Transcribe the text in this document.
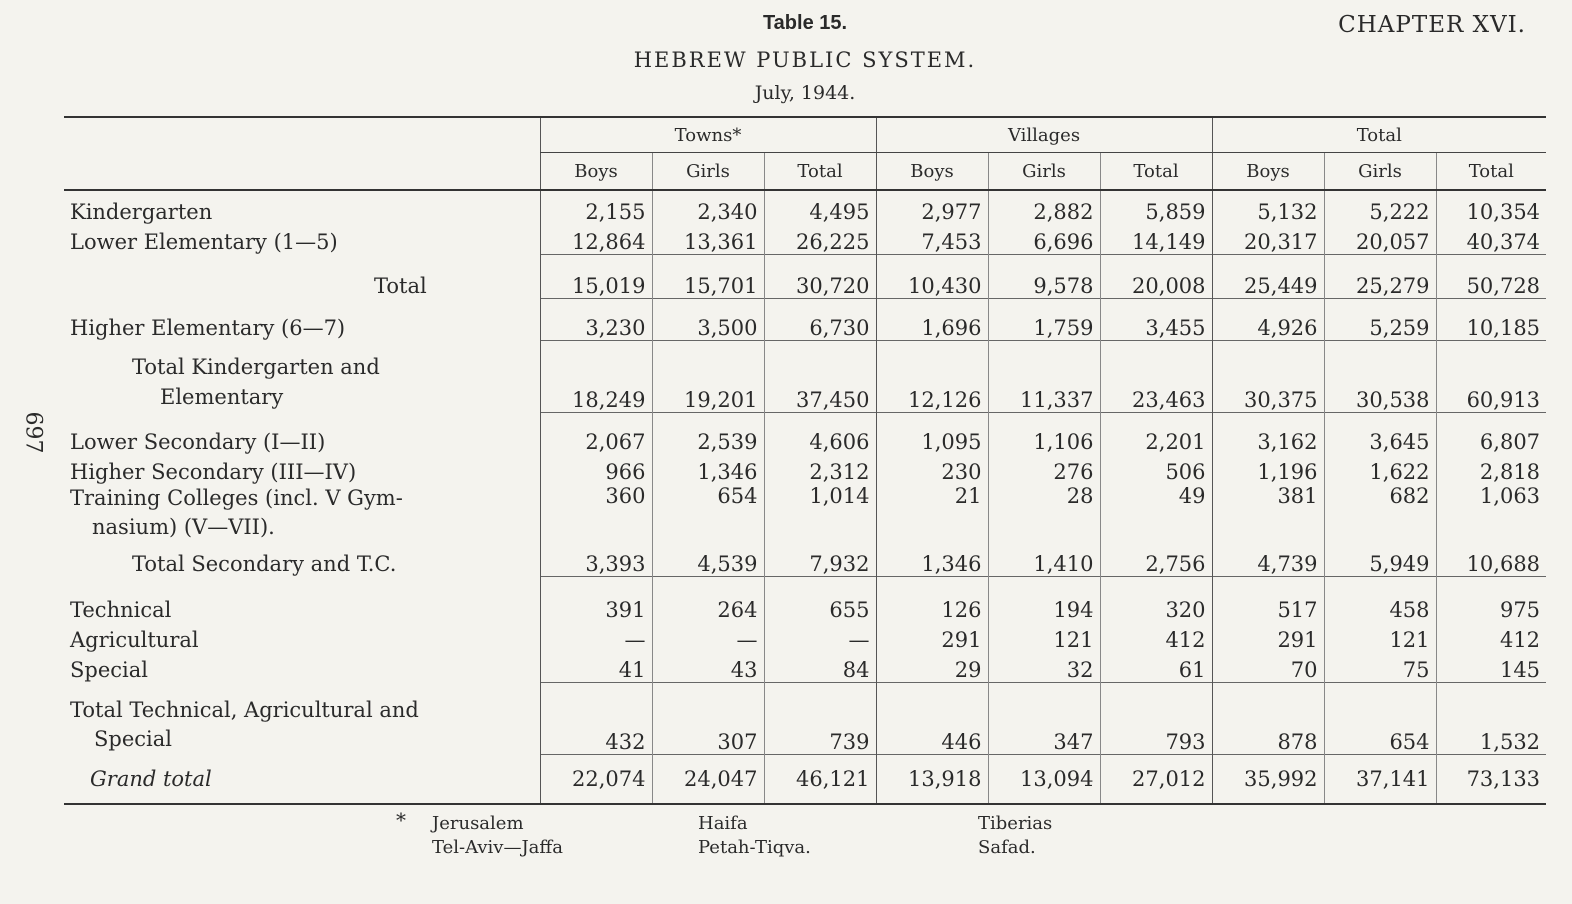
697
Table 15.	CHAPTER XVI.
HEBREW PUBLIC SYSTEM.
July, 1944.
	Towns*			Villages			Total		
	Boys	Girls	Total	Boys	Girls	Total	Boys	Girls	Total
Kindergarten	2,155	2,340	4,495	2,977	2,882	5,859	5,132	5,222	10,354
Lower Elementary (1—5)	12,864	13,361	26,225	7,453	6,696	14,149	20,317	20,057	40,374
Total	15,019	15,701	30,720	10,430	9,578	20,008	25,449	25,279	50,728
Higher Elementary (6—7)	3,230	3,500	6,730	1,696	1,759	3,455	4,926	5,259	10,185

Total Kindergarten and
Elementary	18,249	19,201	37,450	12,126	11,337	23,463	30,375	30,538	60,913
Lower Secondary (I—II)	2,067	2,539	4,606	1,095	1,106	2,201	3,162	3,645	6,807
Higher Secondary (III—IV)	966	1,346	2,312	230	276	506	1,196	1,622	2,818

Training Colleges (incl. V Gym-
nasium) (V—VII).	360	654	1,014	21	28	49	381	682	1,063
Total Secondary and T.C.	3,393	4,539	7,932	1,346	1,410	2,756	4,739	5,949	10,688
Technical	391	264	655	126	194	320	517	458	975
Agricultural	—	—	—	291	121	412	291	121	412
Special	41	43	84	29	32	61	70	75	145

Total Technical, Agricultural and
Special	432	307	739	446	347	793	878	654	1,532
Grand total	22,074	24,047	46,121	13,918	13,094	27,012	35,992	37,141	73,133
* Jerusalem
Tel-Aviv—Jaffa
Haifa
Petah-Tiqva.
Tiberias
Safad.
